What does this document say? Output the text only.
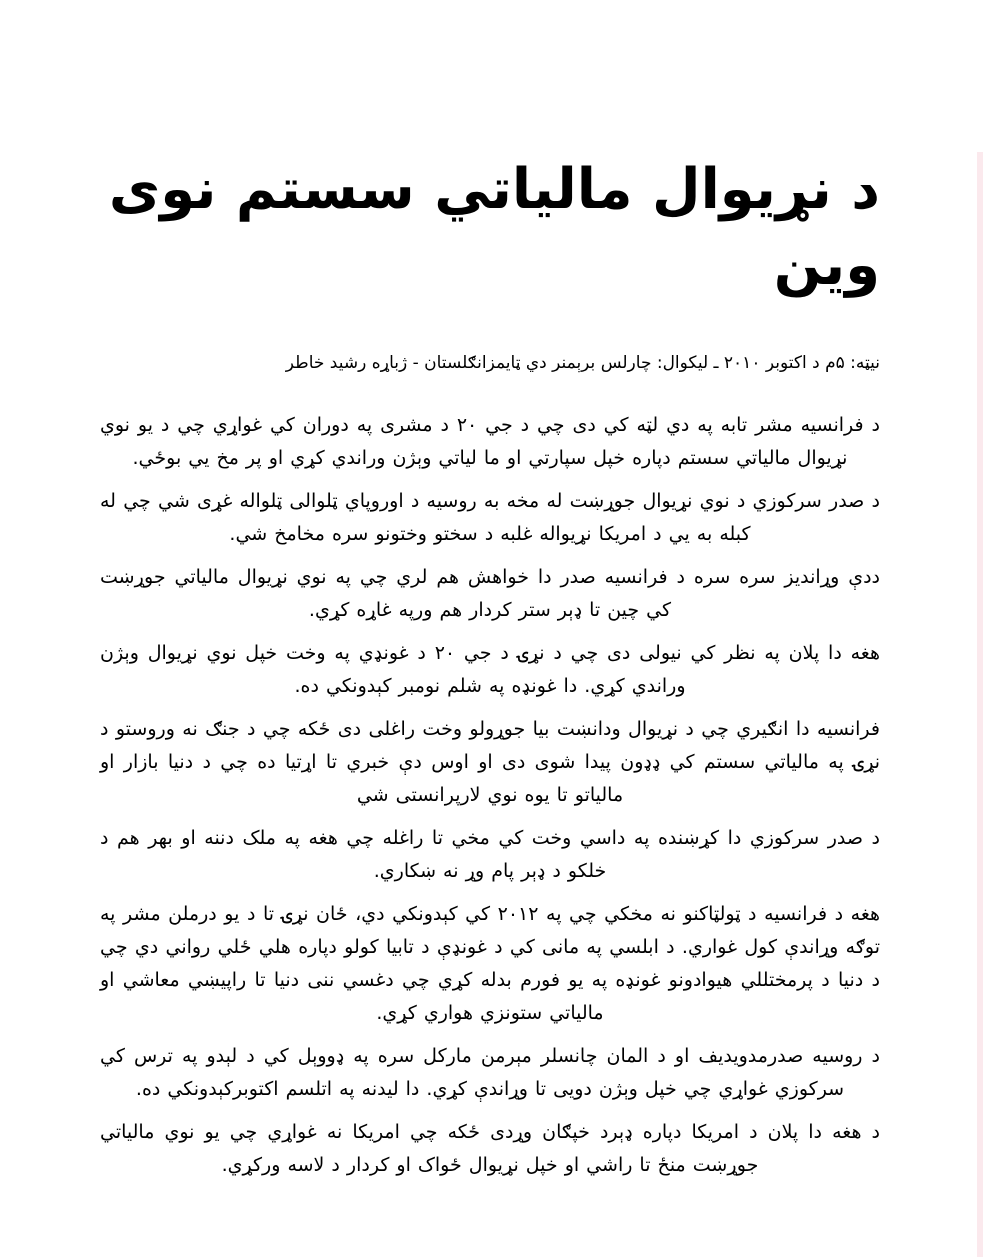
د نړيوال مالياتي سستم نوی وين

نيټه: ۵م د اکتوبر ۲۰۱۰ ـ ليکوال: چارلس برېمنر دي ټايمزانګلستان - ژباړه رشيد خاطر

د فرانسيه مشر تابه په دي لټه کي دی چي د جي ۲۰ د مشری په دوران کي غواړي چي د يو نوي نړيوال مالياتي سستم دپاره خپل سپارتي او ما لياتي وېژن وراندي کړي او پر مخ يي بوځي.

د صدر سرکوزي د نوي نړيوال جوړښت له مخه به روسيه د اوروپاي ټلوالی ټلواله غړی شي چي له کبله به يي د امريکا نړيواله غلبه د سختو وختونو سره مخامخ شي.

ددې وړانديز سره سره د فرانسيه صدر دا خواهش هم لري چي په نوي نړيوال مالياتي جوړښت کي چين تا ډېر ستر کردار هم ورپه غاړه کړي.

هغه دا پلان په نظر کي نيولی دی چي د نړۍ د جي ۲۰ د غونډي په وخت خپل نوي نړيوال وېژن وراندي کړي. دا غونډه په شلم نومبر کېدونکي ده.

فرانسيه دا انګيري چي د نړيوال ودانښت بيا جوړولو وخت راغلی دی ځکه چي د جنګ نه وروستو د نړۍ په مالياتي سستم کي ډډون پيدا شوی دی او اوس دې خبري تا اړتيا ده چي د دنيا بازار او مالياتو تا يوه نوي لارپرانستی شي

د صدر سرکوزي دا کړښنده په داسي وخت کي مخي تا راغله چي هغه په ملک دننه او بهر هم د خلکو د ډېر پام وړ نه ښکاري.

هغه د فرانسيه د ټولټاکنو نه مخکي چي په ۲۰۱۲ کي کېدونکي دي، ځان نړۍ تا د يو درملن مشر په توګه وړاندې کول غواري. د ابلسي په مانی کي د غونډې د تابيا کولو دپاره هلي ځلي رواني دي چي د دنيا د پرمختللي هيوادونو غونډه په يو فورم بدله کړي چي دغسي ننی دنيا تا راپيښي معاشي او مالياتي ستونزي هواري کړي.

د روسيه صدرمدويديف او د المان چانسلر مېرمن مارکل سره په ډووېل کي د لېدو په ترس کي سرکوزي غواړي چي خپل وېژن دويی تا وړاندې کړي. دا ليدنه په اتلسم اکتوبرکېدونکي ده.

د هغه دا پلان د امريکا دپاره ډېرد خپګان وړدی ځکه چي امريکا نه غواړي چي يو نوي مالياتي جوړښت منځ تا راشي او خپل نړيوال ځواک او کردار د لاسه ورکړي.
